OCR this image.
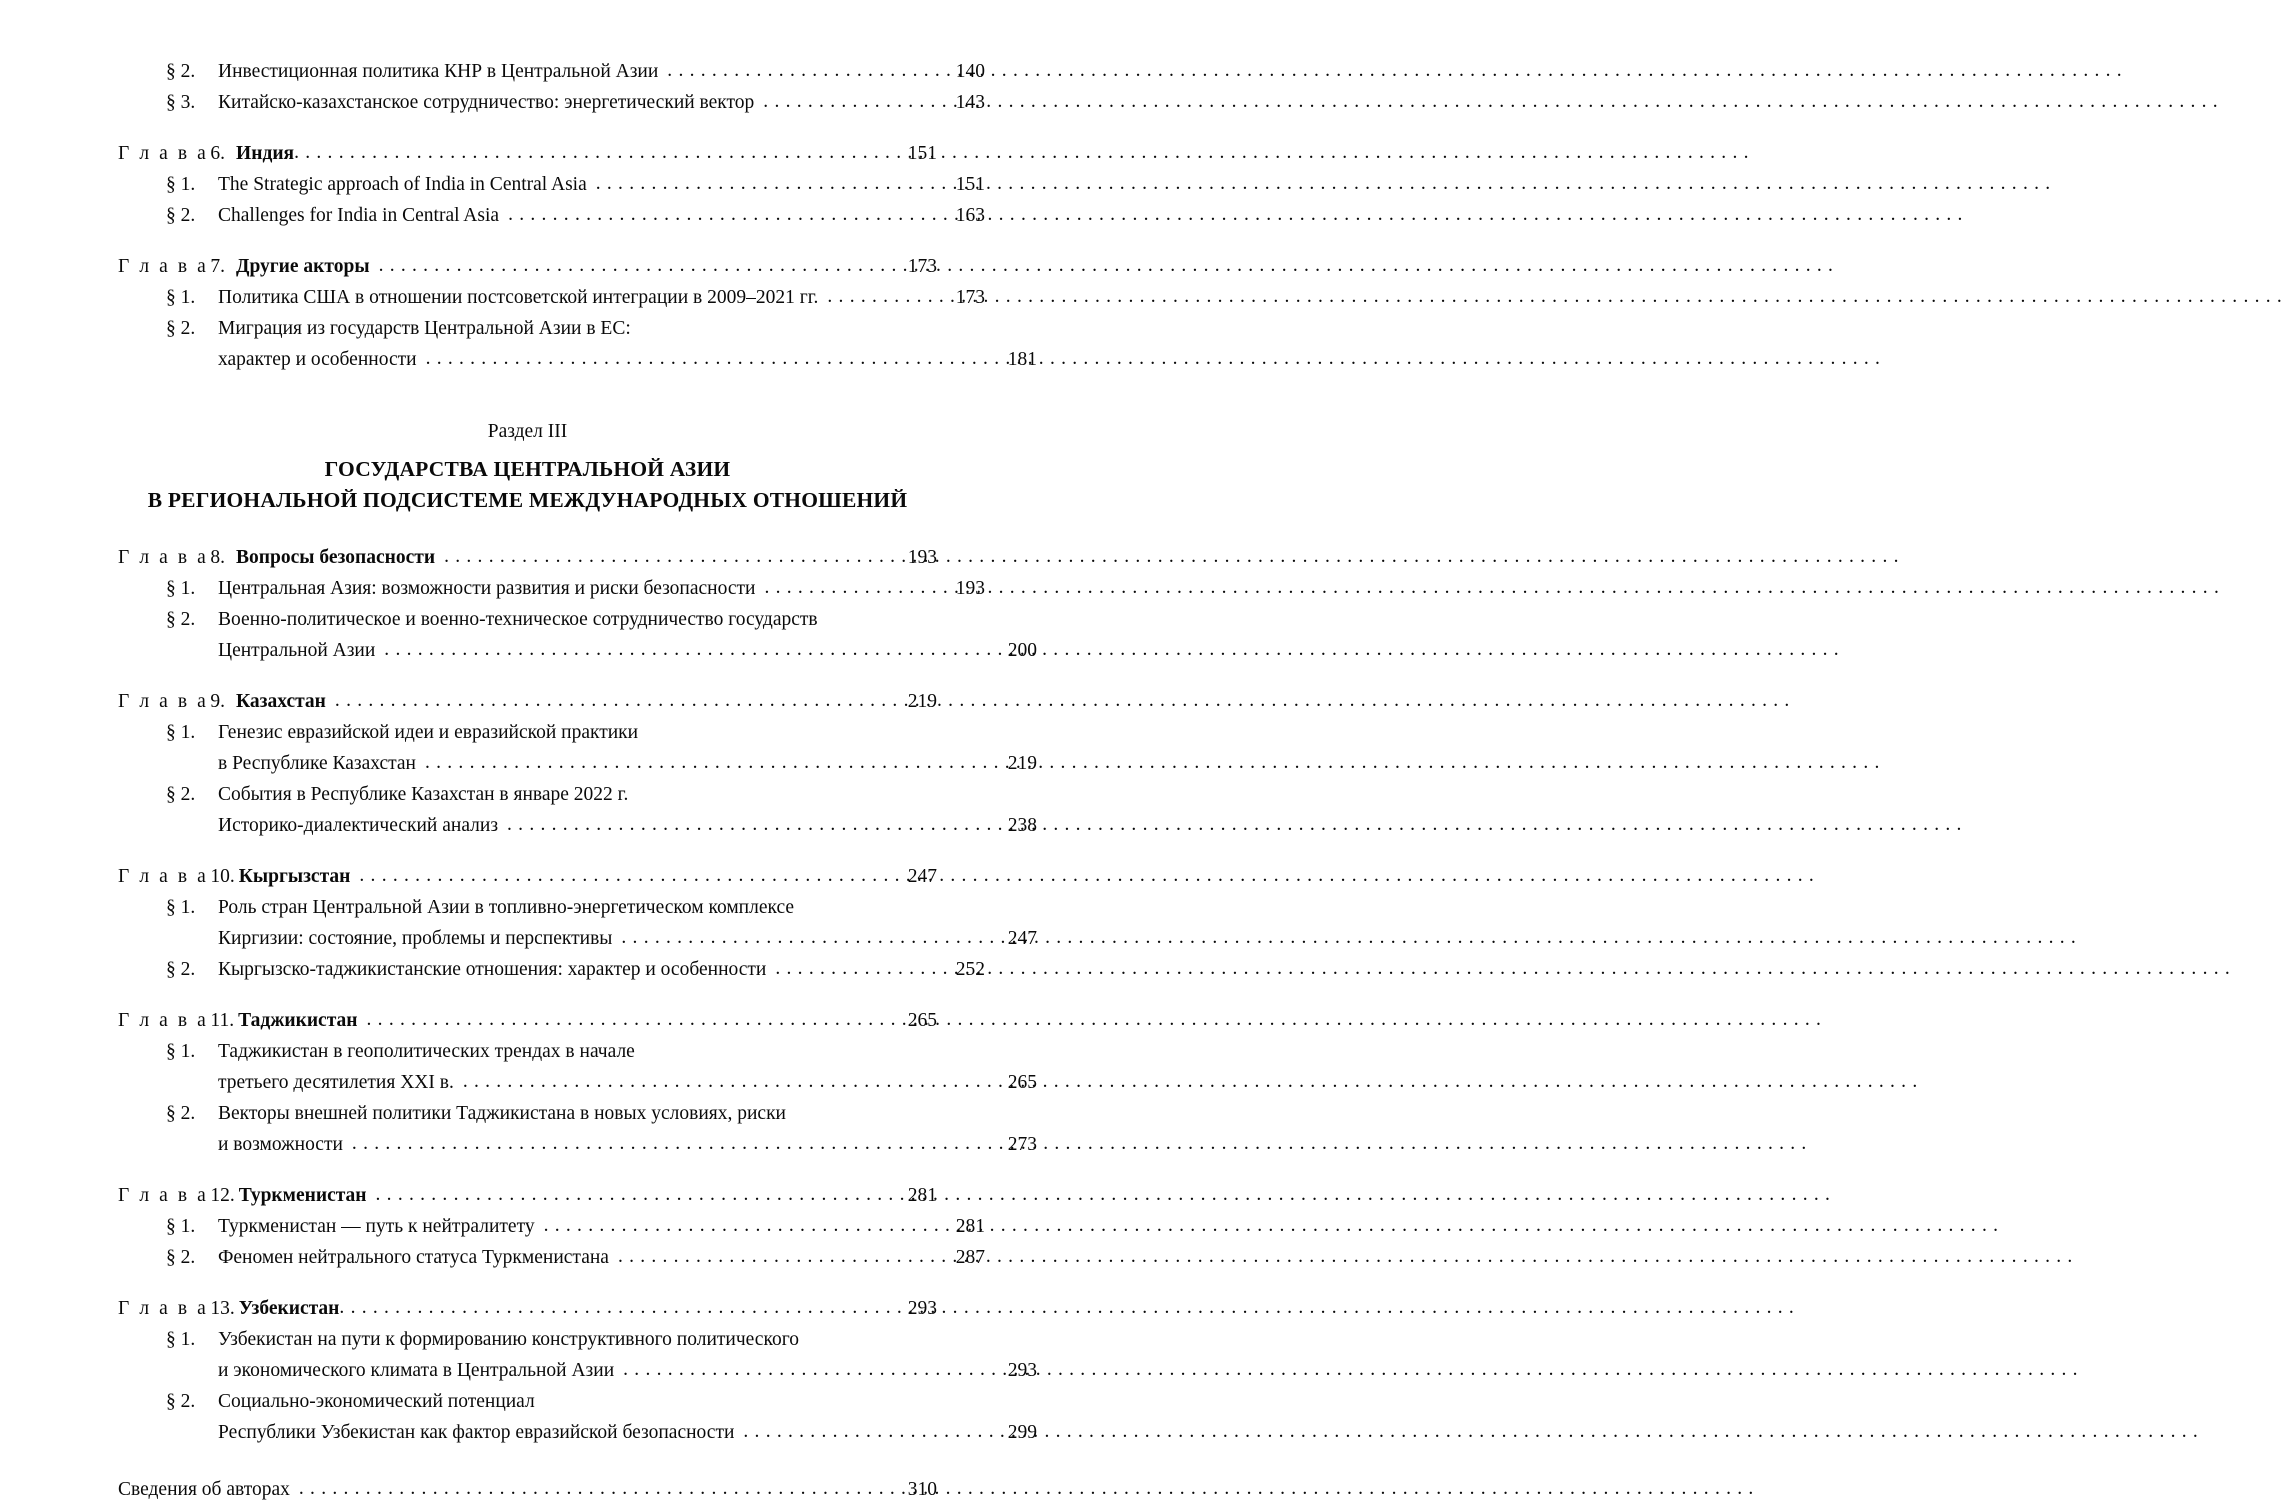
§ 2.	Инвестиционная политика КНР в Центральной Азии . . .	140
§ 3.	Китайско-казахстанское сотрудничество: энергетический вектор . . .	143
Г л а в а 6. Индия . . .	151
§ 1.	The Strategic approach of India in Central Asia . . .	151
§ 2.	Challenges for India in Central Asia . . .	163
Г л а в а 7. Другие акторы . . .	173
§ 1.	Политика США в отношении постсоветской интеграции в 2009–2021 гг. . . .	173
§ 2.	Миграция из государств Центральной Азии в ЕС:
характер и особенности . . .	181
Раздел III
ГОСУДАРСТВА ЦЕНТРАЛЬНОЙ АЗИИ
В РЕГИОНАЛЬНОЙ ПОДСИСТЕМЕ МЕЖДУНАРОДНЫХ ОТНОШЕНИЙ
Г л а в а 8. Вопросы безопасности . . .	193
§ 1.	Центральная Азия: возможности развития и риски безопасности . . .	193
§ 2.	Военно-политическое и военно-техническое сотрудничество государств
Центральной Азии . . .	200
Г л а в а 9. Казахстан . . .	219
§ 1.	Генезис евразийской идеи и евразийской практики
в Республике Казахстан . . .	219
§ 2.	События в Республике Казахстан в январе 2022 г.
Историко-диалектический анализ . . .	238
Г л а в а 10. Кыргызстан . . .	247
§ 1.	Роль стран Центральной Азии в топливно-энергетическом комплексе
Киргизии: состояние, проблемы и перспективы . . .	247
§ 2.	Кыргызско-таджикистанские отношения: характер и особенности . . .	252
Г л а в а 11. Таджикистан . . .	265
§ 1.	Таджикистан в геополитических трендах в начале
третьего десятилетия XXI в. . . .	265
§ 2.	Векторы внешней политики Таджикистана в новых условиях, риски
и возможности . . .	273
Г л а в а 12. Туркменистан . . .	281
§ 1.	Туркменистан — путь к нейтралитету . . .	281
§ 2.	Феномен нейтрального статуса Туркменистана . . .	287
Г л а в а 13. Узбекистан . . .	293
§ 1.	Узбекистан на пути к формированию конструктивного политического
и экономического климата в Центральной Азии . . .	293
§ 2.	Социально-экономический потенциал
Республики Узбекистан как фактор евразийской безопасности . . .	299
Сведения об авторах . . .	310
